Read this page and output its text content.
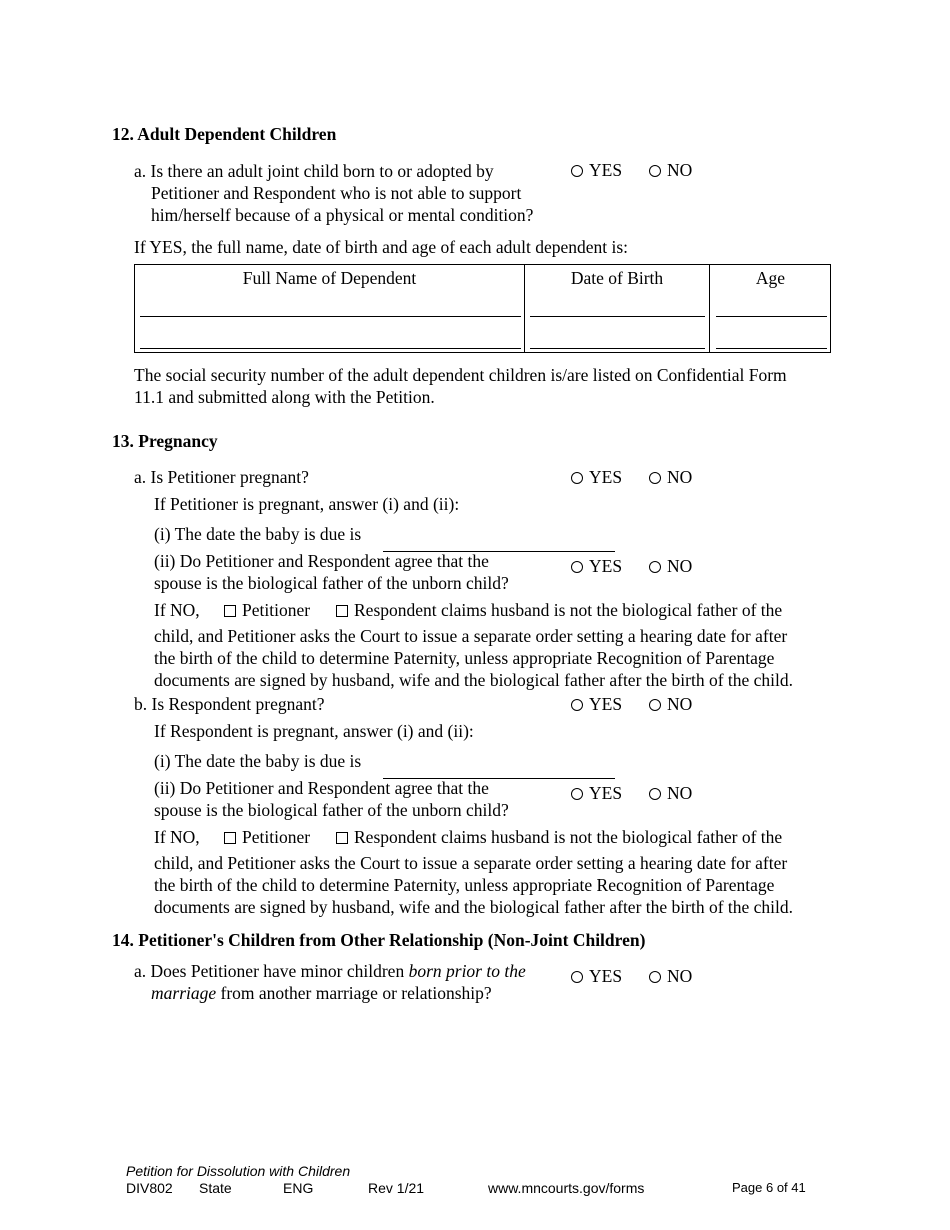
12. Adult Dependent Children
a. Is there an adult joint child born to or adopted by
Petitioner and Respondent who is not able to support
him/herself because of a physical or mental condition?
YES	NO
If YES, the full name, date of birth and age of each adult dependent is:
Full Name of Dependent	Date of Birth	Age
The social security number of the adult dependent children is/are listed on Confidential Form
11.1 and submitted along with the Petition.
13. Pregnancy
a. Is Petitioner pregnant?	YES	NO
If Petitioner is pregnant, answer (i) and (ii):
(i) The date the baby is due is
(ii) Do Petitioner and Respondent agree that the
spouse is the biological father of the unborn child?
YES	NO
If NO,	Petitioner	Respondent claims husband is not the biological father of the
child, and Petitioner asks the Court to issue a separate order setting a hearing date for after
the birth of the child to determine Paternity, unless appropriate Recognition of Parentage
documents are signed by husband, wife and the biological father after the birth of the child.
b. Is Respondent pregnant?	YES	NO
If Respondent is pregnant, answer (i) and (ii):
(i) The date the baby is due is
(ii) Do Petitioner and Respondent agree that the
spouse is the biological father of the unborn child?
YES	NO
If NO,	Petitioner	Respondent claims husband is not the biological father of the
child, and Petitioner asks the Court to issue a separate order setting a hearing date for after
the birth of the child to determine Paternity, unless appropriate Recognition of Parentage
documents are signed by husband, wife and the biological father after the birth of the child.
14. Petitioner's Children from Other Relationship (Non-Joint Children)
a. Does Petitioner have minor children born prior to the
marriage from another marriage or relationship?
YES	NO
Petition for Dissolution with Children
DIV802 State	ENG	Rev 1/21	www.mncourts.gov/forms	Page 6 of 41
